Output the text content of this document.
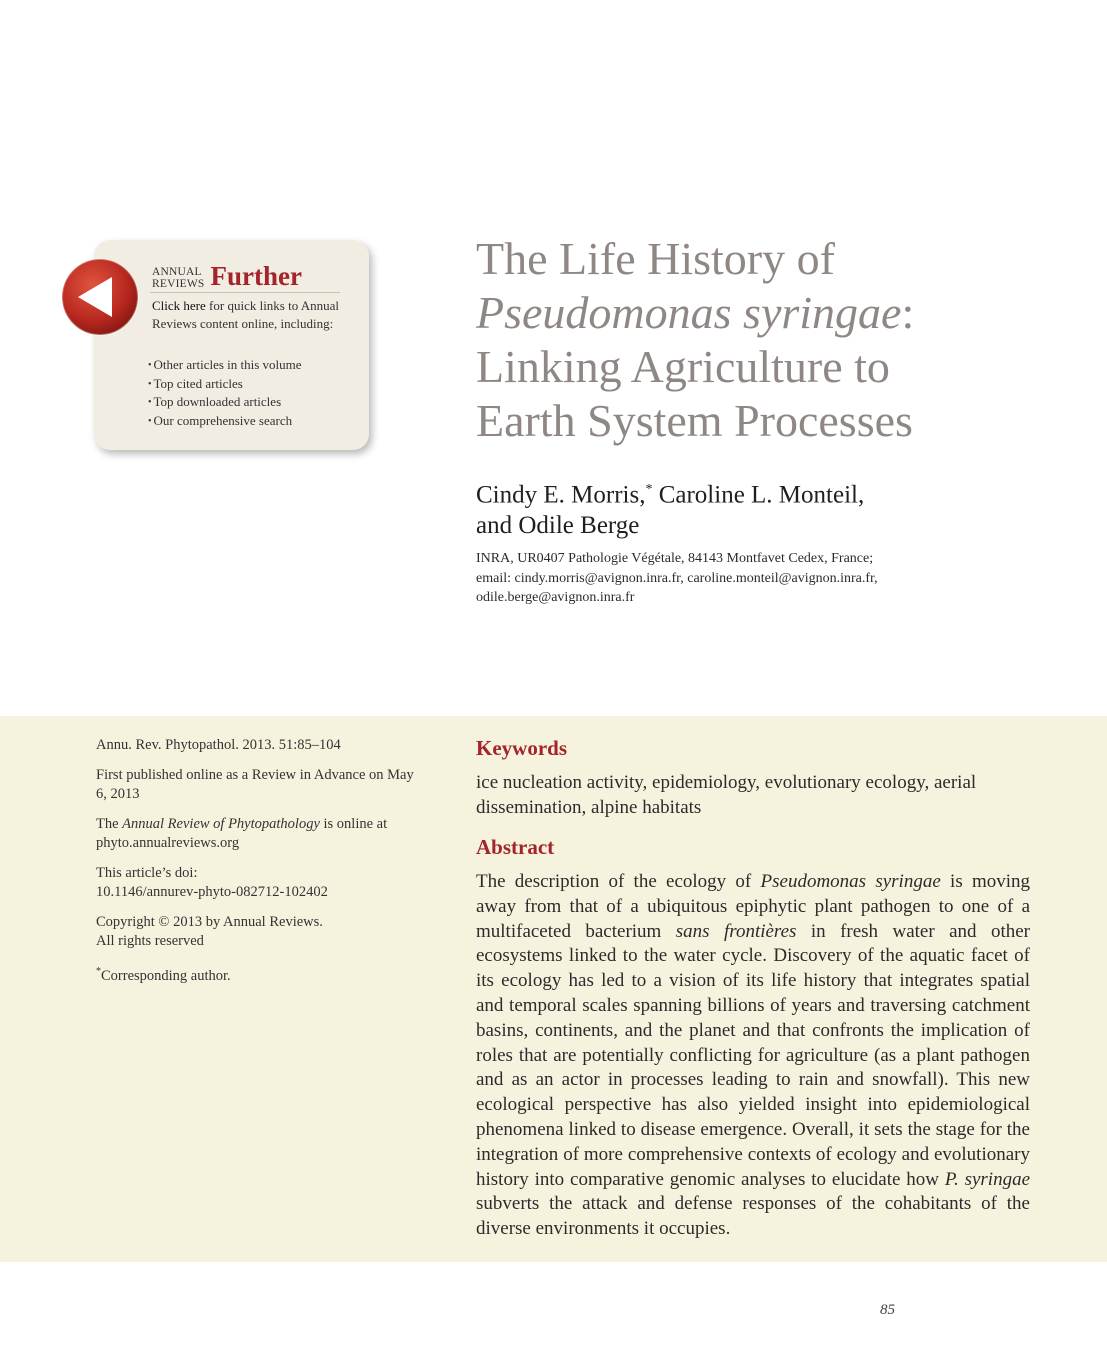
ANNUAL
REVIEWS Further
Click here for quick links to Annual Reviews content online, including:
• Other articles in this volume
• Top cited articles
• Top downloaded articles
• Our comprehensive search
The Life History of
Pseudomonas syringae:
Linking Agriculture to
Earth System Processes
Cindy E. Morris,* Caroline L. Monteil,
and Odile Berge
INRA, UR0407 Pathologie Végétale, 84143 Montfavet Cedex, France;
email: cindy.morris@avignon.inra.fr, caroline.monteil@avignon.inra.fr,
odile.berge@avignon.inra.fr

Annu. Rev. Phytopathol. 2013. 51:85–104

First published online as a Review in Advance on May 6, 2013

The Annual Review of Phytopathology is online at phyto.annualreviews.org

This article’s doi:
10.1146/annurev-phyto-082712-102402

Copyright © 2013 by Annual Reviews.
All rights reserved

*Corresponding author.

Keywords
ice nucleation activity, epidemiology, evolutionary ecology, aerial dissemination, alpine habitats
Abstract
The description of the ecology of Pseudomonas syringae is moving away from that of a ubiquitous epiphytic plant pathogen to one of a multifaceted bacterium sans frontières in fresh water and other ecosystems linked to the water cycle. Discovery of the aquatic facet of its ecology has led to a vision of its life history that integrates spatial and temporal scales spanning billions of years and traversing catchment basins, continents, and the planet and that confronts the implication of roles that are potentially conflicting for agriculture (as a plant pathogen and as an actor in processes leading to rain and snowfall). This new ecological perspective has also yielded insight into epidemiological phenomena linked to disease emergence. Overall, it sets the stage for the integration of more comprehensive contexts of ecology and evolutionary history into comparative genomic analyses to elucidate how P. syringae subverts the attack and defense responses of the cohabitants of the diverse environments it occupies.
85
